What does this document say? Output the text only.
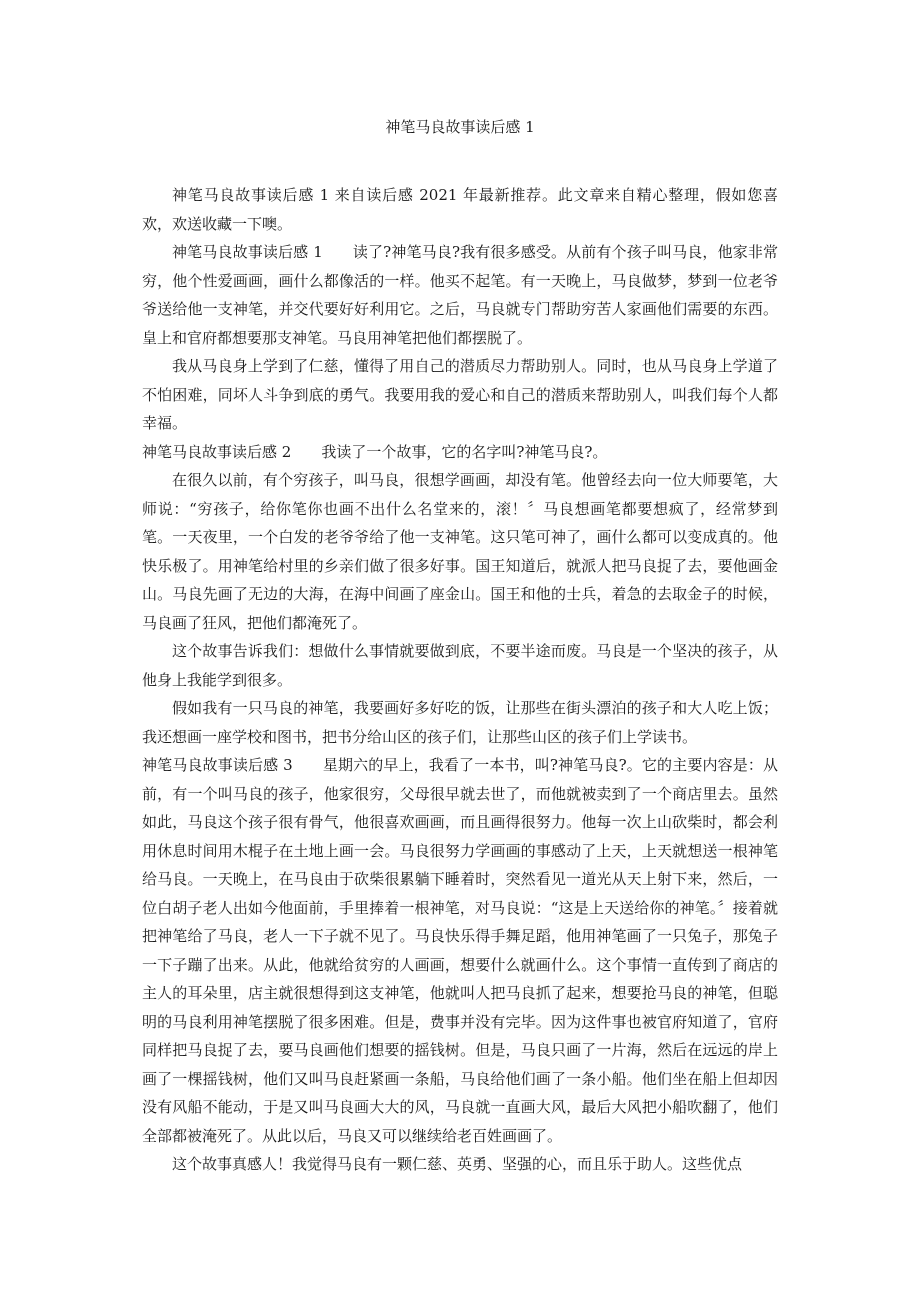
神笔马良故事读后感 1

神笔马良故事读后感 1 来自读后感 2021 年最新推荐。此文章来自精心整理，假如您喜欢，欢送收藏一下噢。

神笔马良故事读后感 1 读了?神笔马良?我有很多感受。从前有个孩子叫马良，他家非常穷，他个性爱画画，画什么都像活的一样。他买不起笔。有一天晚上，马良做梦，梦到一位老爷爷送给他一支神笔，并交代要好好利用它。之后，马良就专门帮助穷苦人家画他们需要的东西。皇上和官府都想要那支神笔。马良用神笔把他们都摆脱了。

我从马良身上学到了仁慈，懂得了用自己的潜质尽力帮助别人。同时，也从马良身上学道了不怕困难，同坏人斗争到底的勇气。我要用我的爱心和自己的潜质来帮助别人，叫我们每个人都幸福。

神笔马良故事读后感 2 我读了一个故事，它的名字叫?神笔马良?。

在很久以前，有个穷孩子，叫马良，很想学画画，却没有笔。他曾经去向一位大师要笔，大师说：“穷孩子，给你笔你也画不出什么名堂来的，滚！〞马良想画笔都要想疯了，经常梦到笔。一天夜里，一个白发的老爷爷给了他一支神笔。这只笔可神了，画什么都可以变成真的。他快乐极了。用神笔给村里的乡亲们做了很多好事。国王知道后，就派人把马良捉了去，要他画金山。马良先画了无边的大海，在海中间画了座金山。国王和他的士兵，着急的去取金子的时候，马良画了狂风，把他们都淹死了。

这个故事告诉我们：想做什么事情就要做到底，不要半途而废。马良是一个坚决的孩子，从他身上我能学到很多。

假如我有一只马良的神笔，我要画好多好吃的饭，让那些在街头漂泊的孩子和大人吃上饭；我还想画一座学校和图书，把书分给山区的孩子们，让那些山区的孩子们上学读书。

神笔马良故事读后感 3 星期六的早上，我看了一本书，叫?神笔马良?。它的主要内容是：从前，有一个叫马良的孩子，他家很穷，父母很早就去世了，而他就被卖到了一个商店里去。虽然如此，马良这个孩子很有骨气，他很喜欢画画，而且画得很努力。他每一次上山砍柴时，都会利用休息时间用木棍子在土地上画一会。马良很努力学画画的事感动了上天，上天就想送一根神笔给马良。一天晚上，在马良由于砍柴很累躺下睡着时，突然看见一道光从天上射下来，然后，一位白胡子老人出如今他面前，手里捧着一根神笔，对马良说：“这是上天送给你的神笔。〞接着就把神笔给了马良，老人一下子就不见了。马良快乐得手舞足蹈，他用神笔画了一只兔子，那兔子一下子蹦了出来。从此，他就给贫穷的人画画，想要什么就画什么。这个事情一直传到了商店的主人的耳朵里，店主就很想得到这支神笔，他就叫人把马良抓了起来，想要抢马良的神笔，但聪明的马良利用神笔摆脱了很多困难。但是，费事并没有完毕。因为这件事也被官府知道了，官府同样把马良捉了去，要马良画他们想要的摇钱树。但是，马良只画了一片海，然后在远远的岸上画了一棵摇钱树，他们又叫马良赶紧画一条船，马良给他们画了一条小船。他们坐在船上但却因没有风船不能动，于是又叫马良画大大的风，马良就一直画大风，最后大风把小船吹翻了，他们全部都被淹死了。从此以后，马良又可以继续给老百姓画画了。

这个故事真感人！我觉得马良有一颗仁慈、英勇、坚强的心，而且乐于助人。这些优点
